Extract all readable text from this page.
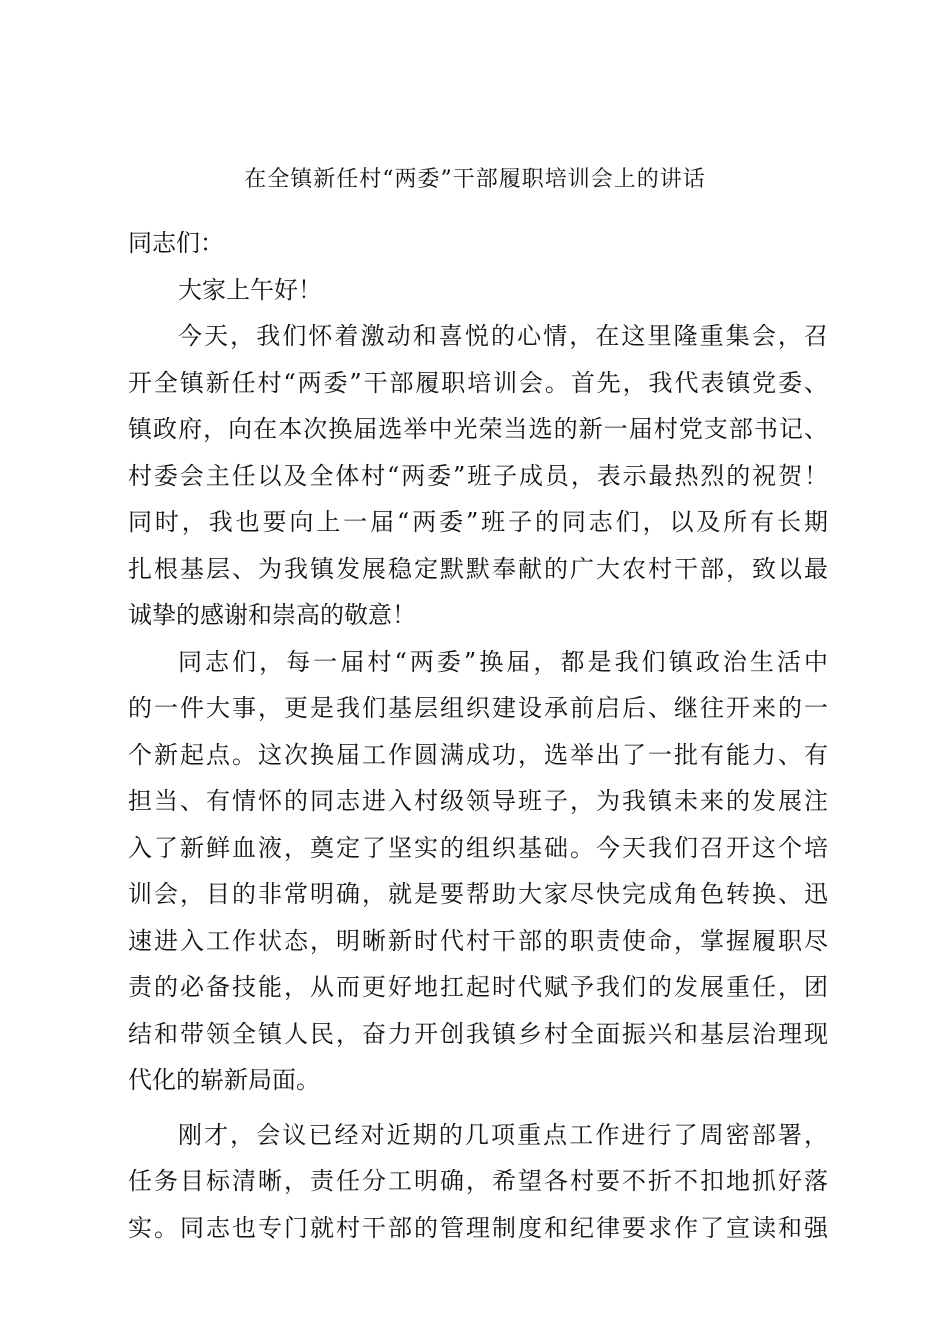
在全镇新任村“两委”干部履职培训会上的讲话
同志们：
大家上午好！
今天，我们怀着激动和喜悦的心情，在这里隆重集会，召
开全镇新任村“两委”干部履职培训会。首先，我代表镇党委、
镇政府，向在本次换届选举中光荣当选的新一届村党支部书记、
村委会主任以及全体村“两委”班子成员，表示最热烈的祝贺！
同时，我也要向上一届“两委”班子的同志们，以及所有长期
扎根基层、为我镇发展稳定默默奉献的广大农村干部，致以最
诚挚的感谢和崇高的敬意！
同志们，每一届村“两委”换届，都是我们镇政治生活中
的一件大事，更是我们基层组织建设承前启后、继往开来的一
个新起点。这次换届工作圆满成功，选举出了一批有能力、有
担当、有情怀的同志进入村级领导班子，为我镇未来的发展注
入了新鲜血液，奠定了坚实的组织基础。今天我们召开这个培
训会，目的非常明确，就是要帮助大家尽快完成角色转换、迅
速进入工作状态，明晰新时代村干部的职责使命，掌握履职尽
责的必备技能，从而更好地扛起时代赋予我们的发展重任，团
结和带领全镇人民，奋力开创我镇乡村全面振兴和基层治理现
代化的崭新局面。
刚才，会议已经对近期的几项重点工作进行了周密部署，
任务目标清晰，责任分工明确，希望各村要不折不扣地抓好落
实。同志也专门就村干部的管理制度和纪律要求作了宣读和强
